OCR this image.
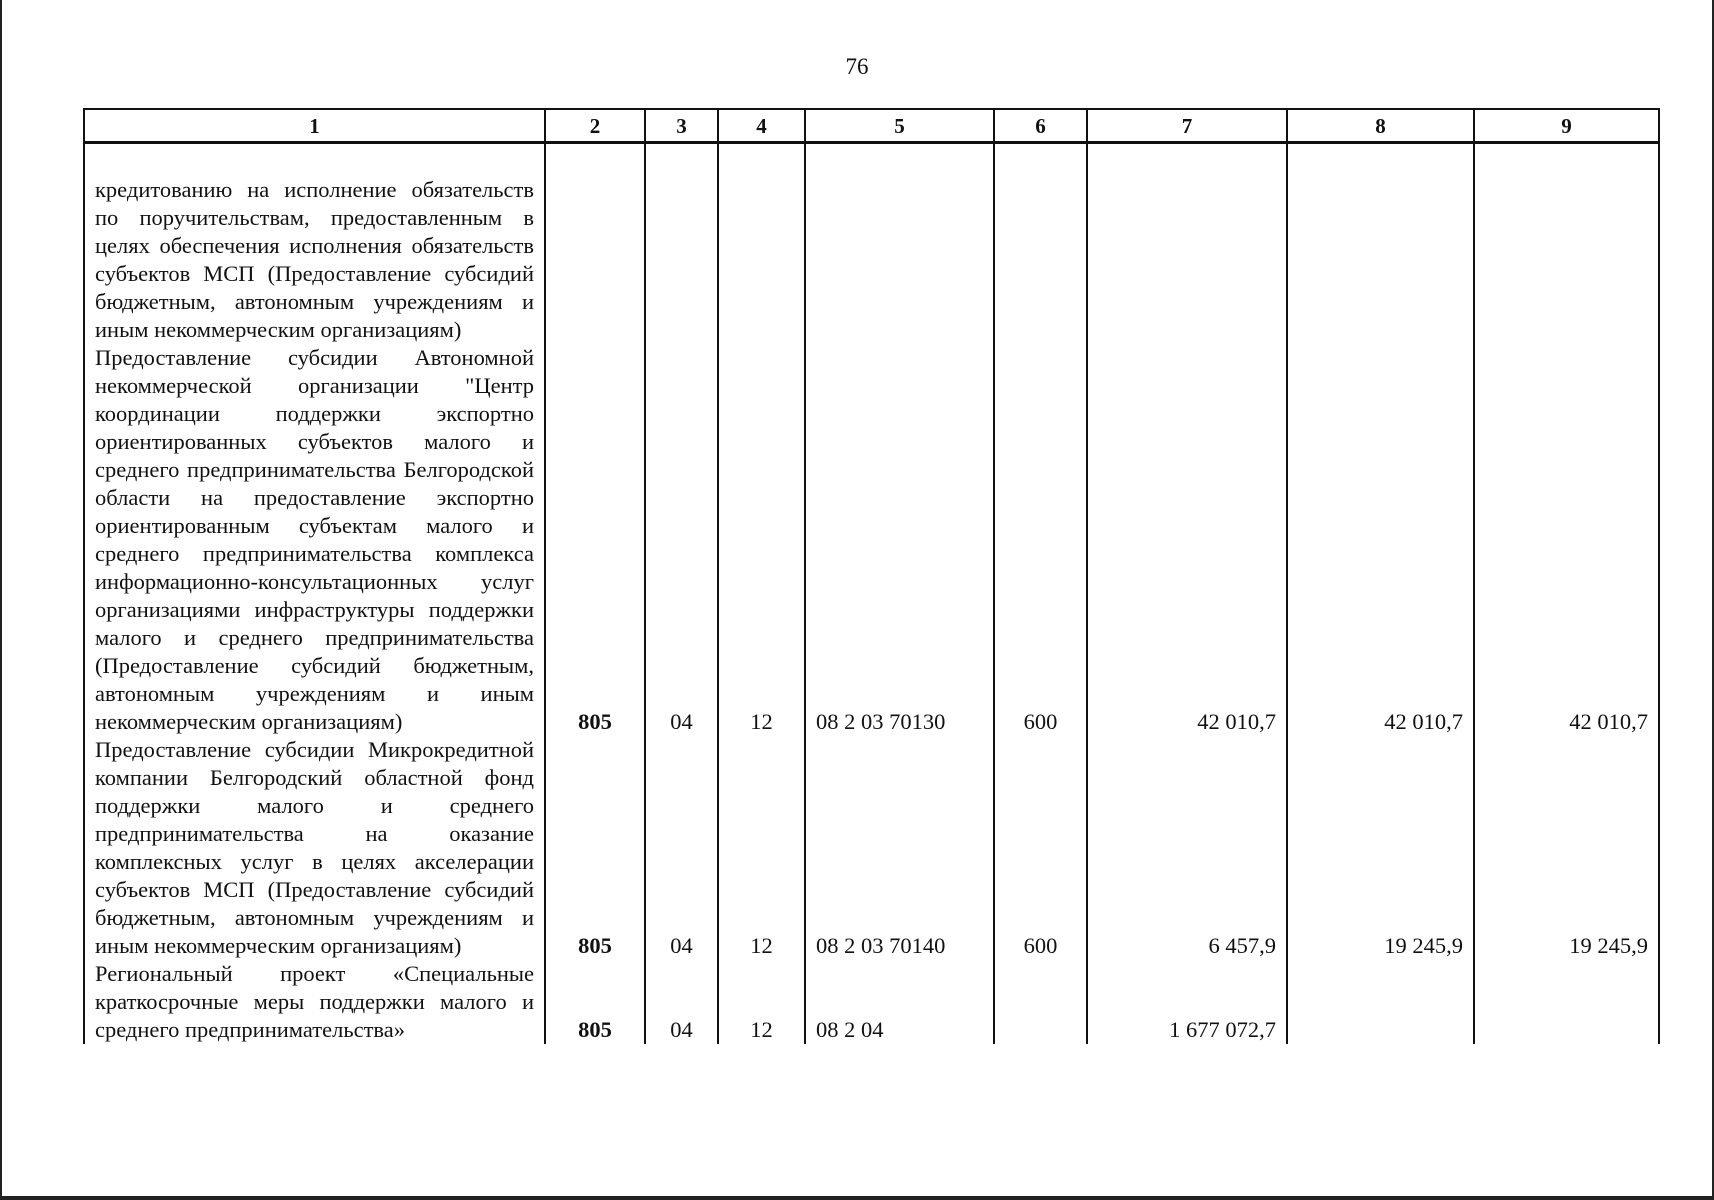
76
1	2	3	4	5	6	7	8	9
кредитованию на исполнение обязательств по поручительствам, предоставленным в целях обеспечения исполнения обязательств субъектов МСП (Предоставление субсидий бюджетным, автономным учреждениям и иным некоммерческим организациям)								
Предоставление субсидии Автономной некоммерческой организации "Центр координации поддержки экспортно ориентированных субъектов малого и среднего предпринимательства Белгородской области на предоставление экспортно ориентированным субъектам малого и среднего предпринимательства комплекса информационно-консультационных услуг организациями инфраструктуры поддержки малого и среднего предпринимательства (Предоставление субсидий бюджетным, автономным учреждениям и иным некоммерческим организациям)	805	04	12	08 2 03 70130	600	42 010,7	42 010,7	42 010,7
Предоставление субсидии Микрокредитной компании Белгородский областной фонд поддержки малого и среднего предпринимательства на оказание комплексных услуг в целях акселерации субъектов МСП (Предоставление субсидий бюджетным, автономным учреждениям и иным некоммерческим организациям)	805	04	12	08 2 03 70140	600	6 457,9	19 245,9	19 245,9
Региональный проект «Специальные краткосрочные меры поддержки малого и среднего предпринимательства»	805	04	12	08 2 04		1 677 072,7		
